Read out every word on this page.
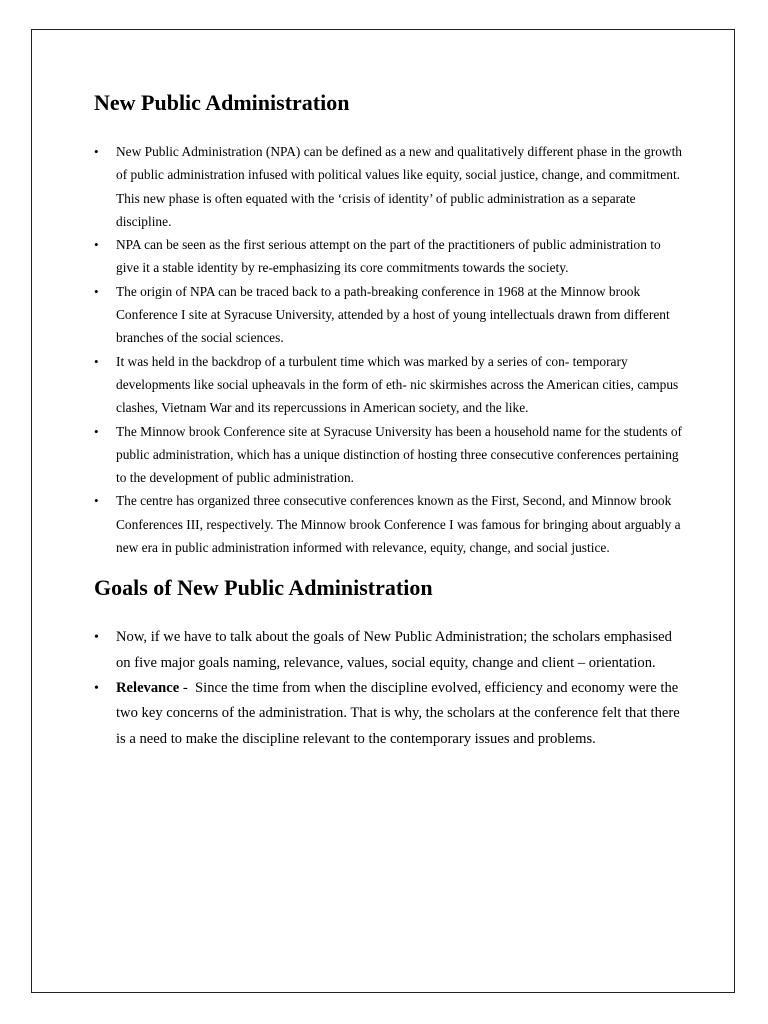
New Public Administration
• New Public Administration (NPA) can be defined as a new and qualitatively different phase in the growth of public administration infused with political values like equity, social justice, change, and commitment. This new phase is often equated with the ‘crisis of identity’ of public administration as a separate discipline.
• NPA can be seen as the first serious attempt on the part of the practitioners of public administration to give it a stable identity by re-emphasizing its core commitments towards the society.
• The origin of NPA can be traced back to a path-breaking conference in 1968 at the Minnow brook Conference I site at Syracuse University, attended by a host of young intellectuals drawn from different branches of the social sciences.
• It was held in the backdrop of a turbulent time which was marked by a series of con- temporary developments like social upheavals in the form of eth- nic skirmishes across the American cities, campus clashes, Vietnam War and its repercussions in American society, and the like.
• The Minnow brook Conference site at Syracuse University has been a household name for the students of public administration, which has a unique distinction of hosting three consecutive conferences pertaining to the development of public administration.
• The centre has organized three consecutive conferences known as the First, Second, and Minnow brook Conferences III, respectively. The Minnow brook Conference I was famous for bringing about arguably a new era in public administration informed with relevance, equity, change, and social justice.
Goals of New Public Administration
• Now, if we have to talk about the goals of New Public Administration; the scholars emphasised on five major goals naming, relevance, values, social equity, change and client – orientation.
• Relevance -  Since the time from when the discipline evolved, efficiency and economy were the two key concerns of the administration. That is why, the scholars at the conference felt that there is a need to make the discipline relevant to the contemporary issues and problems.
